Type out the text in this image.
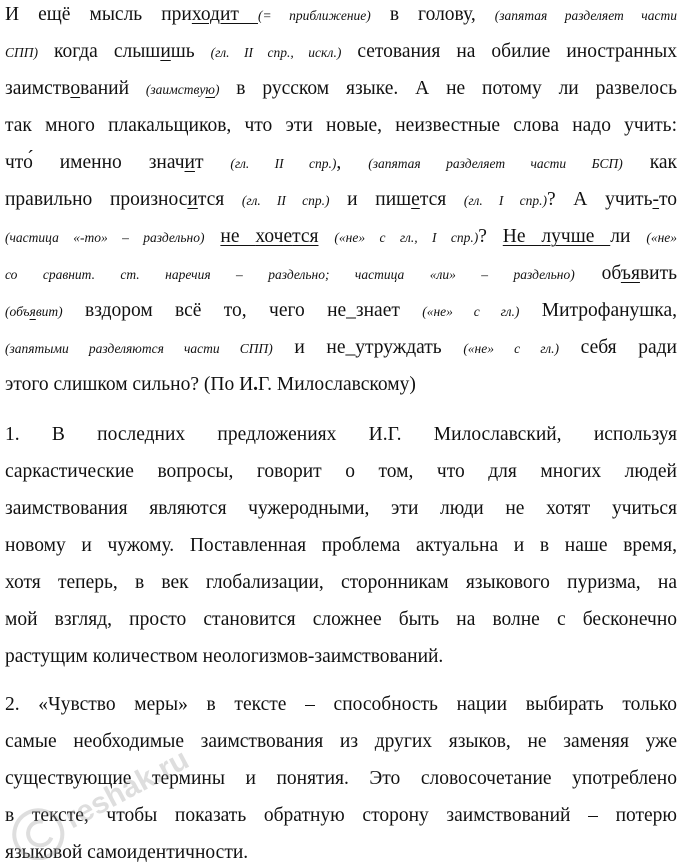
И ещё мысль приходит (= приближение) в голову, (запятая разделяет части
СПП) когда слышишь (гл. II спр., искл.) сетования на обилие иностранных
заимствований (заимствую) в русском языке. А не потому ли развелось
так много плакальщиков, что эти новые, неизвестные слова надо учить:
что́ именно значит (гл. II спр.), (запятая разделяет части БСП) как
правильно произносится (гл. II спр.) и пишется (гл. I спр.)? А учить-то
(частица «-то» – раздельно) не хочется («не» с гл., I спр.)? Не лучше ли («не»
со сравнит. ст. наречия – раздельно; частица «ли» – раздельно) объявить
(объявит) вздором всё то, чего не_знает («не» с гл.) Митрофанушка,
(запятыми разделяются части СПП) и не_утруждать («не» с гл.) себя ради
этого слишком сильно? (По И.Г. Милославскому)
1. В последних предложениях И.Г. Милославский, используя
саркастические вопросы, говорит о том, что для многих людей
заимствования являются чужеродными, эти люди не хотят учиться
новому и чужому. Поставленная проблема актуальна и в наше время,
хотя теперь, в век глобализации, сторонникам языкового пуризма, на
мой взгляд, просто становится сложнее быть на волне с бесконечно
растущим количеством неологизмов-заимствований.
2. «Чувство меры» в тексте – способность нации выбирать только
самые необходимые заимствования из других языков, не заменяя уже
существующие термины и понятия. Это словосочетание употреблено
в тексте, чтобы показать обратную сторону заимствований – потерю
языковой самоидентичности.
reshak.ru
